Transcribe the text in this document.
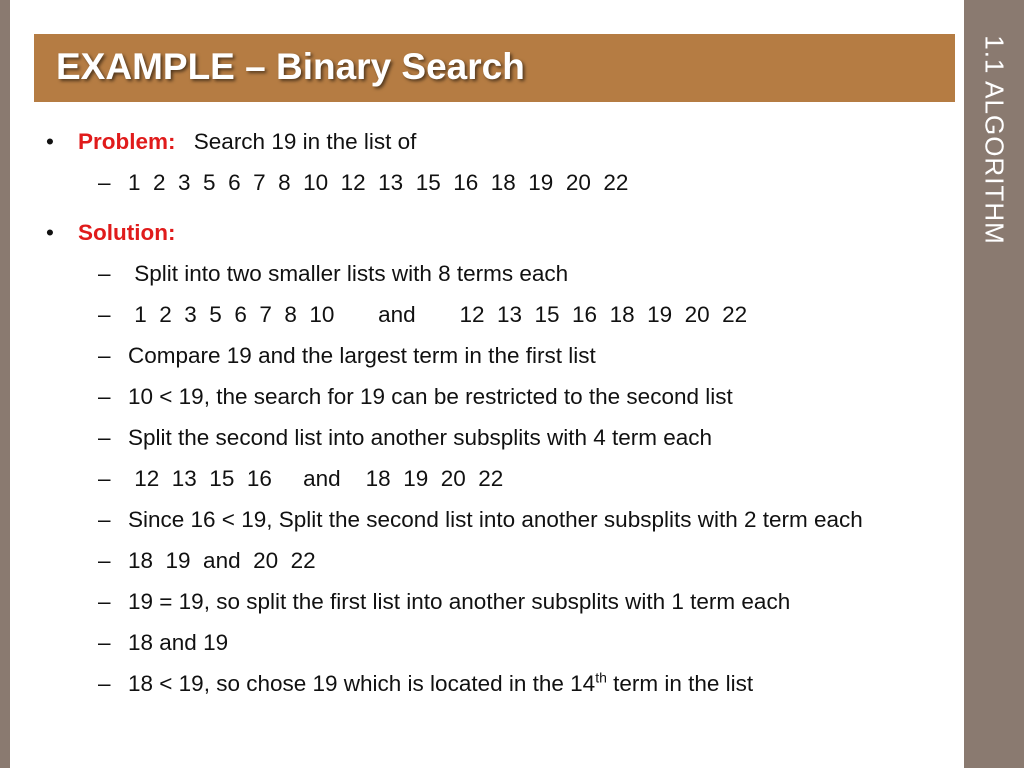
1.1 ALGORITHM
EXAMPLE – Binary Search
• Problem: Search 19 in the list of
– 1  2  3  5  6  7  8  10  12  13  15  16  18  19  20  22
• Solution:
– Split into two smaller lists with 8 terms each
– 1  2  3  5  6  7  8  10       and       12  13  15  16  18  19  20  22
– Compare 19 and the largest term in the first list
– 10 < 19, the search for 19 can be restricted to the second list
– Split the second list into another subsplits with 4 term each
– 12  13  15  16     and    18  19  20  22
– Since 16 < 19, Split the second list into another subsplits with 2 term each
– 18  19  and  20  22
– 19 = 19, so split the first list into another subsplits with 1 term each
– 18 and 19
– 18 < 19, so chose 19 which is located in the 14th term in the list
